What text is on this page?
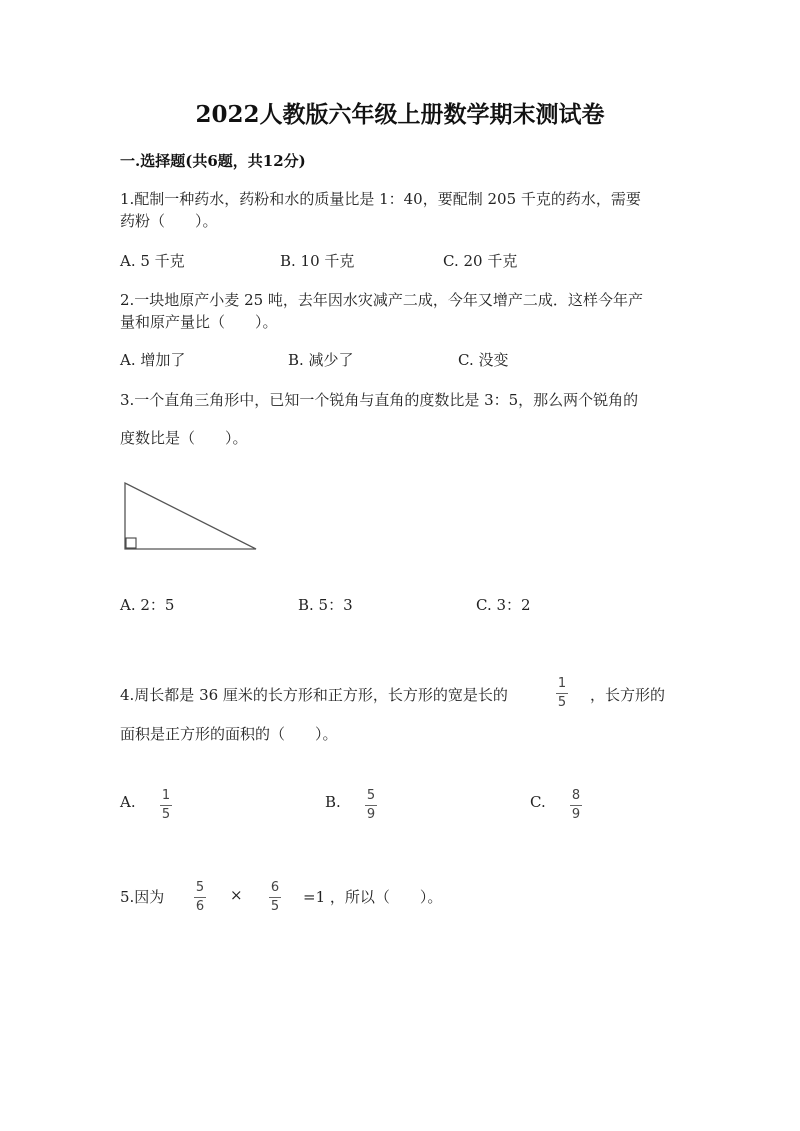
2022人教版六年级上册数学期末测试卷
一.选择题(共6题，共12分)
1.配制一种药水，药粉和水的质量比是 1：40，要配制 205 千克的药水，需要
药粉（　　）。
A. 5 千克	B. 10 千克	C. 20 千克
2.一块地原产小麦 25 吨，去年因水灾减产二成，今年又增产二成．这样今年产
量和原产量比（　　）。
A. 增加了	B. 减少了	C. 没变
3.一个直角三角形中，已知一个锐角与直角的度数比是 3：5，那么两个锐角的
度数比是（　　）。
A. 2：5	B. 5：3	C. 3：2
4.周长都是 36 厘米的长方形和正方形，长方形的宽是长的
1
5 ，长方形的
面积是正方形的面积的（　　）。
A. 1
5
B. 5
9
C. 8
9
5.因为
5
6
× 6
5
=1 ，所以（　　）。
